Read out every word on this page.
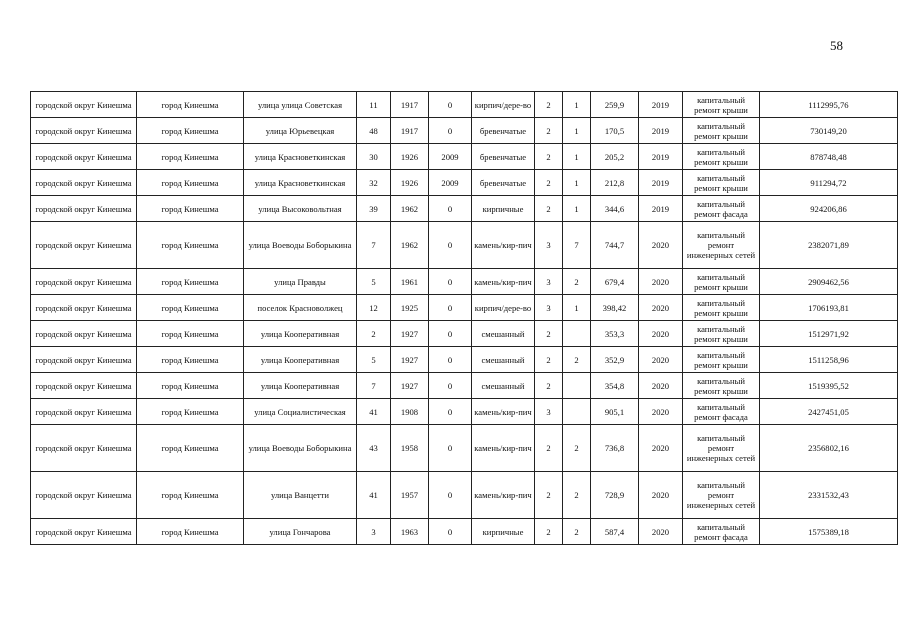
58
городской округ Кинешма	город Кинешма	улица улица Советская	11	1917	0	кирпич/дере-во	2	1	259,9	2019	капитальный ремонт крыши	1112995,76
городской округ Кинешма	город Кинешма	улица Юрьевецкая	48	1917	0	бревенчатые	2	1	170,5	2019	капитальный ремонт крыши	730149,20
городской округ Кинешма	город Кинешма	улица Красноветкинская	30	1926	2009	бревенчатые	2	1	205,2	2019	капитальный ремонт крыши	878748,48
городской округ Кинешма	город Кинешма	улица Красноветкинская	32	1926	2009	бревенчатые	2	1	212,8	2019	капитальный ремонт крыши	911294,72
городской округ Кинешма	город Кинешма	улица Высоковольтная	39	1962	0	кирпичные	2	1	344,6	2019	капитальный ремонт фасада	924206,86
городской округ Кинешма	город Кинешма	улица Воеводы Боборыкина	7	1962	0	камень/кир-пич	3	7	744,7	2020	капитальный ремонт инженерных сетей	2382071,89
городской округ Кинешма	город Кинешма	улица Правды	5	1961	0	камень/кир-пич	3	2	679,4	2020	капитальный ремонт крыши	2909462,56
городской округ Кинешма	город Кинешма	поселок Красноволжец	12	1925	0	кирпич/дере-во	3	1	398,42	2020	капитальный ремонт крыши	1706193,81
городской округ Кинешма	город Кинешма	улица Кооперативная	2	1927	0	смешанный	2		353,3	2020	капитальный ремонт крыши	1512971,92
городской округ Кинешма	город Кинешма	улица Кооперативная	5	1927	0	смешанный	2	2	352,9	2020	капитальный ремонт крыши	1511258,96
городской округ Кинешма	город Кинешма	улица Кооперативная	7	1927	0	смешанный	2		354,8	2020	капитальный ремонт крыши	1519395,52
городской округ Кинешма	город Кинешма	улица Социалистическая	41	1908	0	камень/кир-пич	3		905,1	2020	капитальный ремонт фасада	2427451,05
городской округ Кинешма	город Кинешма	улица Воеводы Боборыкина	43	1958	0	камень/кир-пич	2	2	736,8	2020	капитальный ремонт инженерных сетей	2356802,16
городской округ Кинешма	город Кинешма	улица Ванцетти	41	1957	0	камень/кир-пич	2	2	728,9	2020	капитальный ремонт инженерных сетей	2331532,43
городской округ Кинешма	город Кинешма	улица Гончарова	3	1963	0	кирпичные	2	2	587,4	2020	капитальный ремонт фасада	1575389,18
